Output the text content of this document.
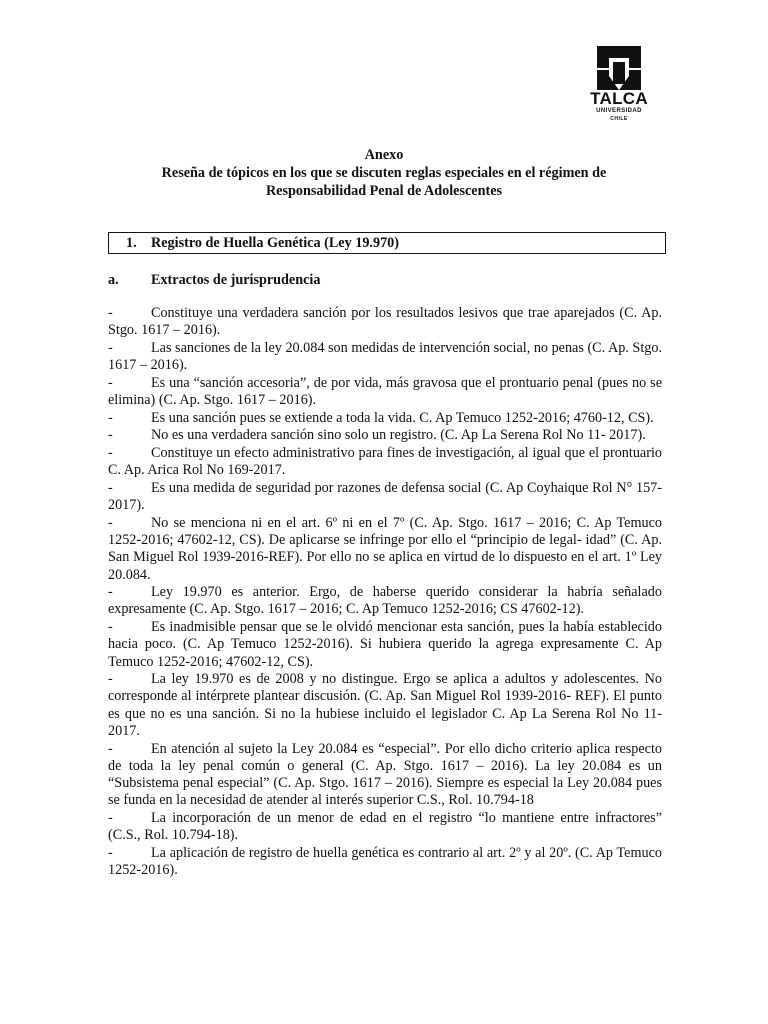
TALCA
UNIVERSIDAD
CHILE
Anexo
Reseña de tópicos en los que se discuten reglas especiales en el régimen de
Responsabilidad Penal de Adolescentes
1. Registro de Huella Genética (Ley 19.970)
a. Extractos de jurisprudencia
-	Constituye una verdadera sanción por los resultados lesivos que trae aparejados (C. Ap. Stgo. 1617 – 2016).
-	Las sanciones de la ley 20.084 son medidas de intervención social, no penas (C. Ap. Stgo. 1617 – 2016).
-	Es una “sanción accesoria”, de por vida, más gravosa que el prontuario penal (pues no se elimina) (C. Ap. Stgo. 1617 – 2016).
-	Es una sanción pues se extiende a toda la vida. C. Ap Temuco 1252-2016; 4760-12, CS).
-	No es una verdadera sanción sino solo un registro. (C. Ap La Serena Rol No 11- 2017).
-	Constituye un efecto administrativo para fines de investigación, al igual que el prontuario C. Ap. Arica Rol No 169-2017.
-	Es una medida de seguridad por razones de defensa social (C. Ap Coyhaique Rol N° 157-2017).
-	No se menciona ni en el art. 6º ni en el 7º (C. Ap. Stgo. 1617 – 2016; C. Ap Temuco 1252-2016; 47602-12, CS). De aplicarse se infringe por ello el “principio de legal- idad” (C. Ap. San Miguel Rol 1939-2016-REF). Por ello no se aplica en virtud de lo dispuesto en el art. 1º Ley 20.084.
-	Ley 19.970 es anterior. Ergo, de haberse querido considerar la habría señalado expresamente (C. Ap. Stgo. 1617 – 2016; C. Ap Temuco 1252-2016; CS 47602-12).
-	Es inadmisible pensar que se le olvidó mencionar esta sanción, pues la había establecido hacia poco. (C. Ap Temuco 1252-2016). Si hubiera querido la agrega expresamente C. Ap Temuco 1252-2016; 47602-12, CS).
-	La ley 19.970 es de 2008 y no distingue. Ergo se aplica a adultos y adolescentes. No corresponde al intérprete plantear discusión. (C. Ap. San Miguel Rol 1939-2016- REF). El punto es que no es una sanción. Si no la hubiese incluido el legislador C. Ap La Serena Rol No 11-2017.
-	En atención al sujeto la Ley 20.084 es “especial”. Por ello dicho criterio aplica respecto de toda la ley penal común o general (C. Ap. Stgo. 1617 – 2016). La ley 20.084 es un “Subsistema penal especial” (C. Ap. Stgo. 1617 – 2016). Siempre es especial la Ley 20.084 pues se funda en la necesidad de atender al interés superior C.S., Rol. 10.794-18
-	La incorporación de un menor de edad en el registro “lo mantiene entre infractores” (C.S., Rol. 10.794-18).
-	La aplicación de registro de huella genética es contrario al art. 2º y al 20º. (C. Ap Temuco 1252-2016).
